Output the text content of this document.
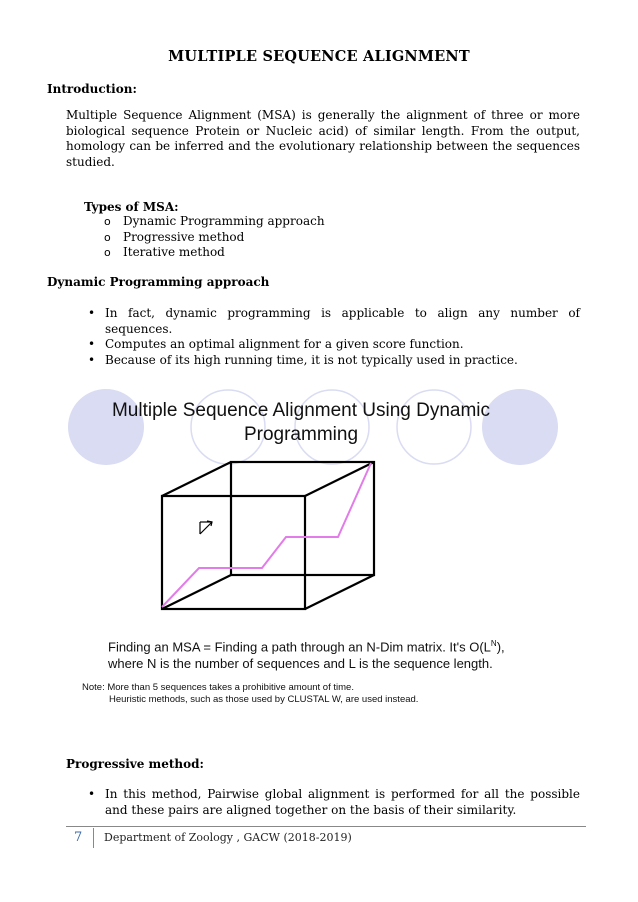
MULTIPLE SEQUENCE ALIGNMENT
Introduction:
Multiple Sequence Alignment (MSA) is generally the alignment of three or more biological sequence Protein or Nucleic acid) of similar length. From the output, homology can be inferred and the evolutionary relationship between the sequences studied.
Types of MSA:
o Dynamic Programming approach
o Progressive method
o Iterative method
Dynamic Programming approach
• In fact, dynamic programming is applicable to align any number of sequences.
• Computes an optimal alignment for a given score function.
• Because of its high running time, it is not typically used in practice.
Multiple Sequence Alignment Using Dynamic
Programming
Finding an MSA = Finding a path through an N-Dim matrix. It's $O(L^N)$,
where N is the number of sequences and L is the sequence length.
Note: More than 5 sequences takes a prohibitive amount of time.
Heuristic methods, such as those used by CLUSTAL W, are used instead.
Progressive method:
• In this method, Pairwise global alignment is performed for all the possible and these pairs are aligned together on the basis of their similarity.
7 Department of Zoology , GACW (2018-2019)
